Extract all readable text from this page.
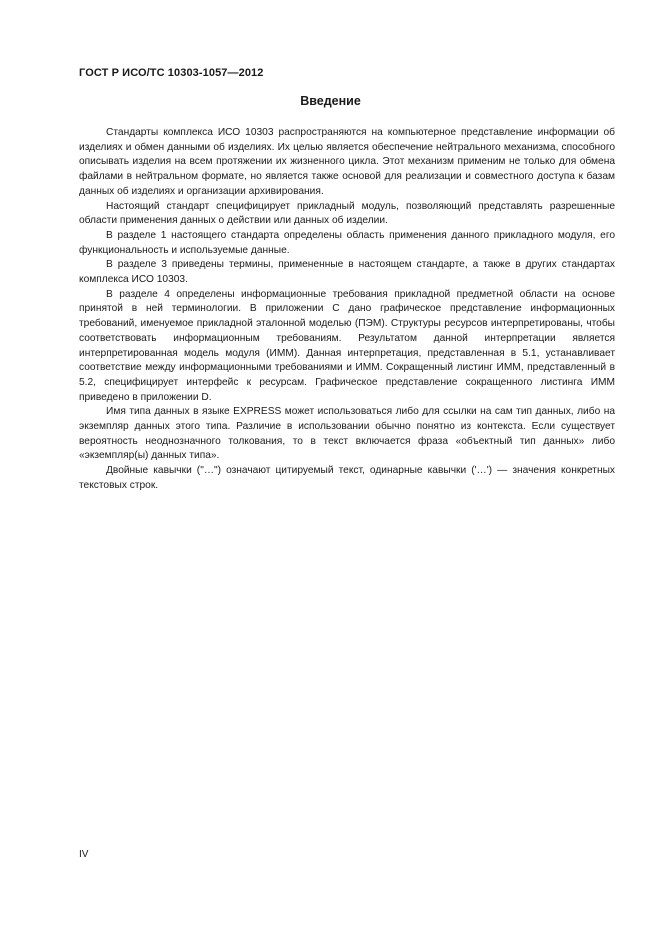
ГОСТ Р ИСО/ТС 10303-1057—2012
Введение

Стандарты комплекса ИСО 10303 распространяются на компьютерное представление информации об изделиях и обмен данными об изделиях. Их целью является обеспечение нейтрального механизма, способного описывать изделия на всем протяжении их жизненного цикла. Этот механизм применим не только для обмена файлами в нейтральном формате, но является также основой для реализации и совместного доступа к базам данных об изделиях и организации архивирования.

Настоящий стандарт специфицирует прикладный модуль, позволяющий представлять разрешенные области применения данных о действии или данных об изделии.

В разделе 1 настоящего стандарта определены область применения данного прикладного модуля, его функциональность и используемые данные.

В разделе 3 приведены термины, примененные в настоящем стандарте, а также в других стандартах комплекса ИСО 10303.

В разделе 4 определены информационные требования прикладной предметной области на основе принятой в ней терминологии. В приложении C дано графическое представление информационных требований, именуемое прикладной эталонной моделью (ПЭМ). Структуры ресурсов интерпретированы, чтобы соответствовать информационным требованиям. Результатом данной интерпретации является интерпретированная модель модуля (ИММ). Данная интерпретация, представленная в 5.1, устанавливает соответствие между информационными требованиями и ИММ. Сокращенный листинг ИММ, представленный в 5.2, специфицирует интерфейс к ресурсам. Графическое представление сокращенного листинга ИММ приведено в приложении D.

Имя типа данных в языке EXPRESS может использоваться либо для ссылки на сам тип данных, либо на экземпляр данных этого типа. Различие в использовании обычно понятно из контекста. Если существует вероятность неоднозначного толкования, то в текст включается фраза «объектный тип данных» либо «экземпляр(ы) данных типа».

Двойные кавычки ("…") означают цитируемый текст, одинарные кавычки ('…') — значения конкретных текстовых строк.

IV
